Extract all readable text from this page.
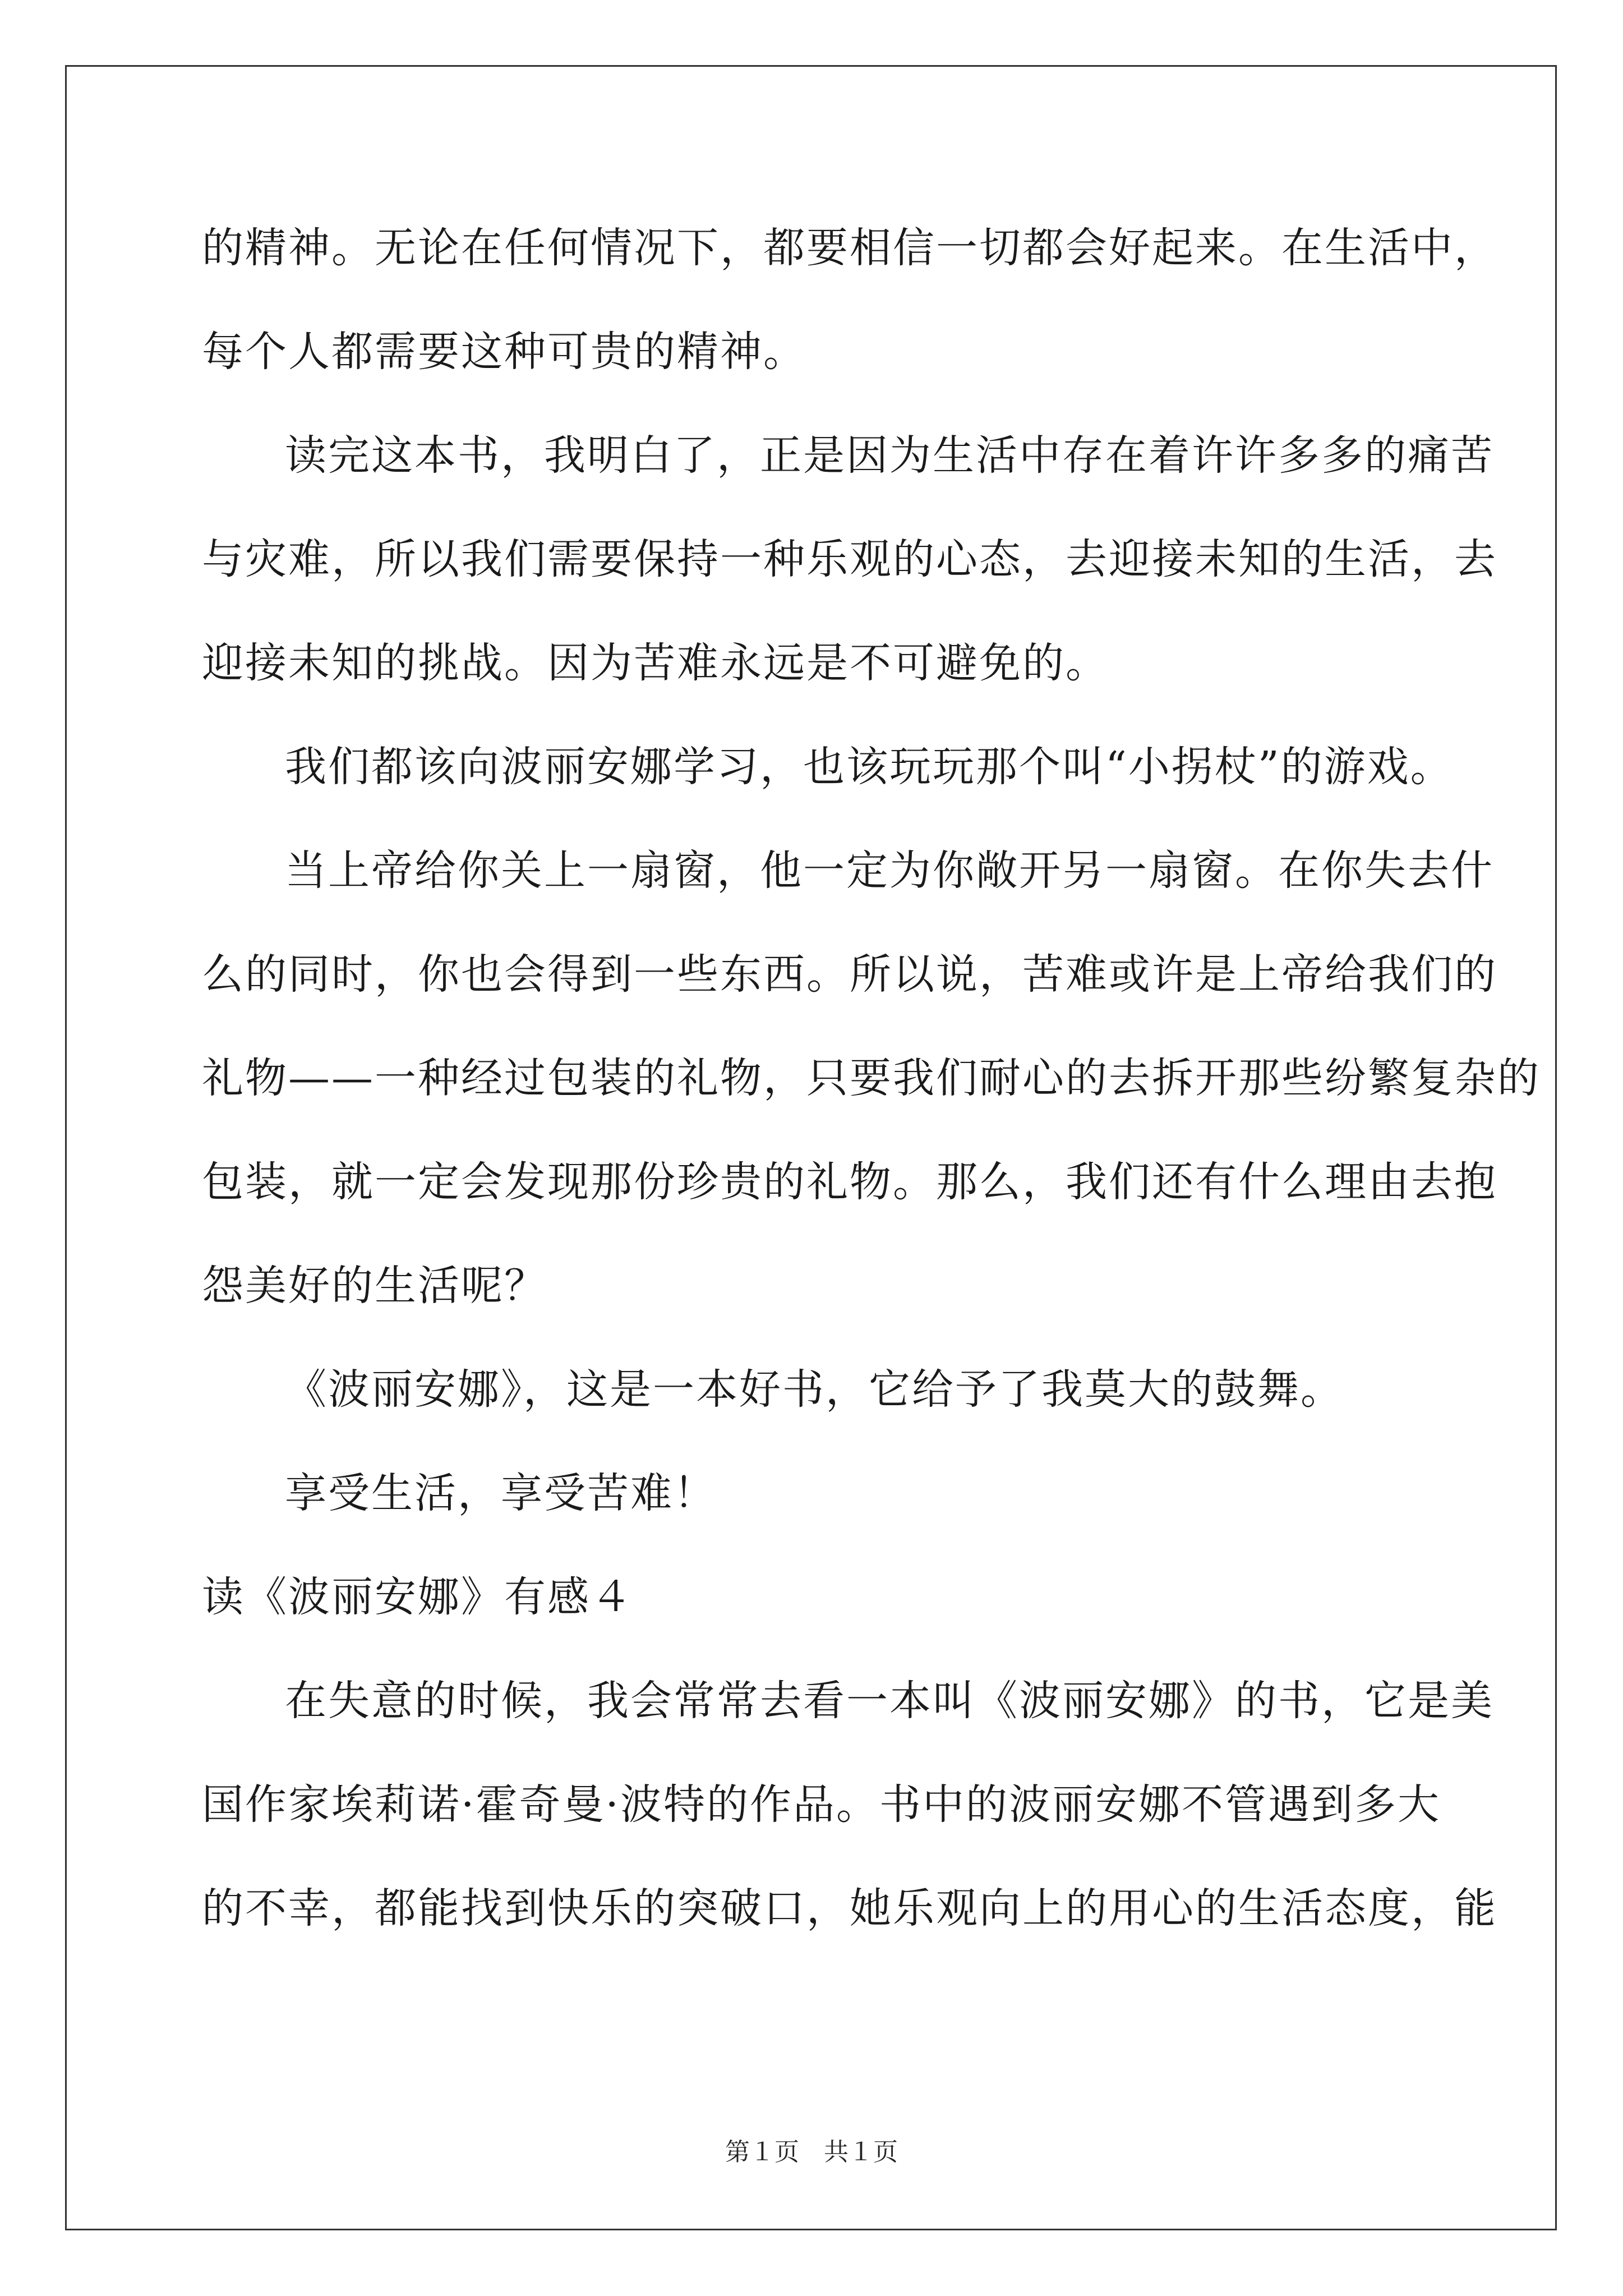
的精神。无论在任何情况下，都要相信一切都会好起来。在生活中，
每个人都需要这种可贵的精神。
读完这本书，我明白了，正是因为生活中存在着许许多多的痛苦
与灾难，所以我们需要保持一种乐观的心态，去迎接未知的生活，去
迎接未知的挑战。因为苦难永远是不可避免的。
我们都该向波丽安娜学习，也该玩玩那个叫“小拐杖”的游戏。
当上帝给你关上一扇窗，他一定为你敞开另一扇窗。在你失去什
么的同时，你也会得到一些东西。所以说，苦难或许是上帝给我们的
礼物——一种经过包装的礼物，只要我们耐心的去拆开那些纷繁复杂的
包装，就一定会发现那份珍贵的礼物。那么，我们还有什么理由去抱
怨美好的生活呢？
《波丽安娜》，这是一本好书，它给予了我莫大的鼓舞。
享受生活，享受苦难！
读《波丽安娜》有感４
在失意的时候，我会常常去看一本叫《波丽安娜》的书，它是美
国作家埃莉诺·霍奇曼·波特的作品。书中的波丽安娜不管遇到多大
的不幸，都能找到快乐的突破口，她乐观向上的用心的生活态度，能
第１页　共１页
